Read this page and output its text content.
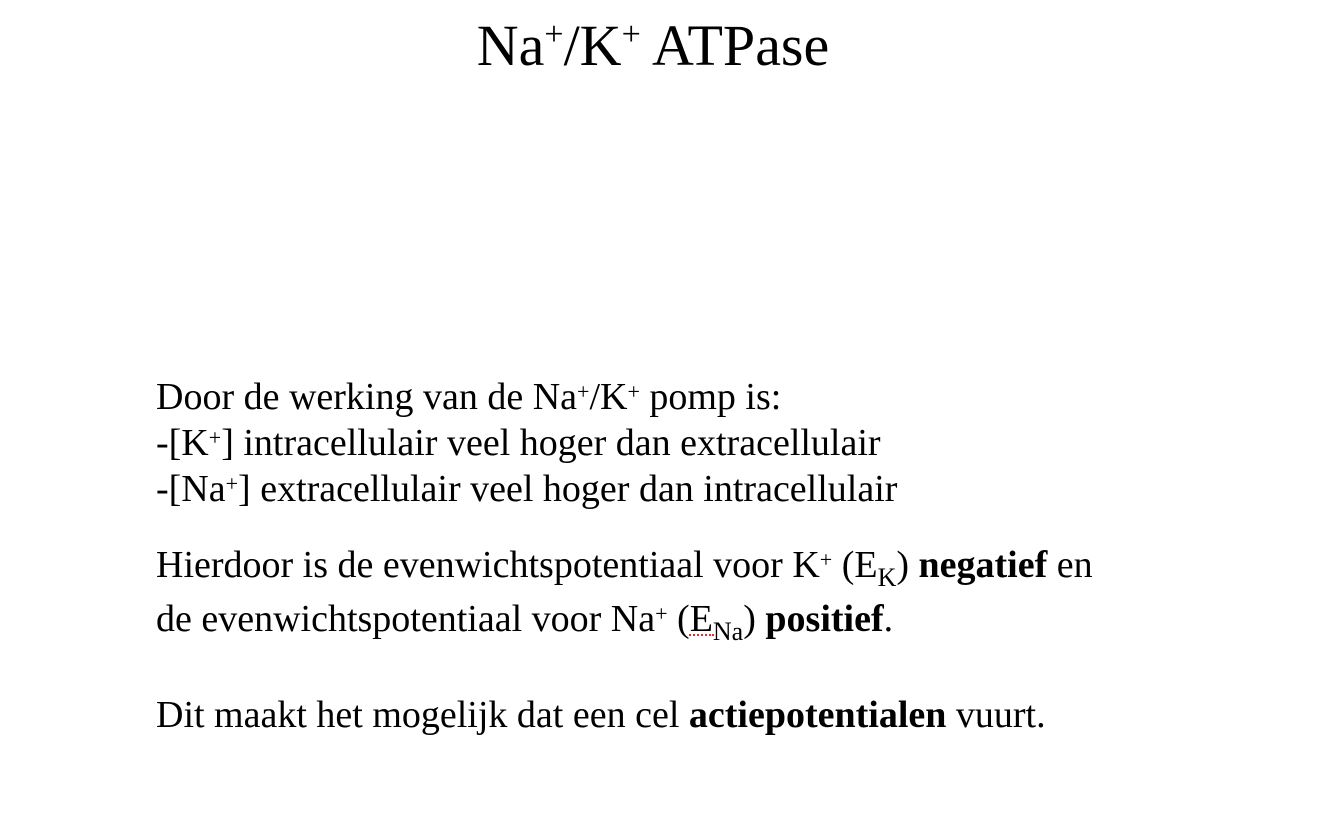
Na+/K+ ATPase
Door de werking van de Na+/K+ pomp is:
-[K+] intracellulair veel hoger dan extracellulair
-[Na+] extracellulair veel hoger dan intracellulair
Hierdoor is de evenwichtspotentiaal voor K+ $(E_K)$ negatief en
de evenwichtspotentiaal voor Na+ $(E_{Na})$ positief.
Dit maakt het mogelijk dat een cel actiepotentialen vuurt.
